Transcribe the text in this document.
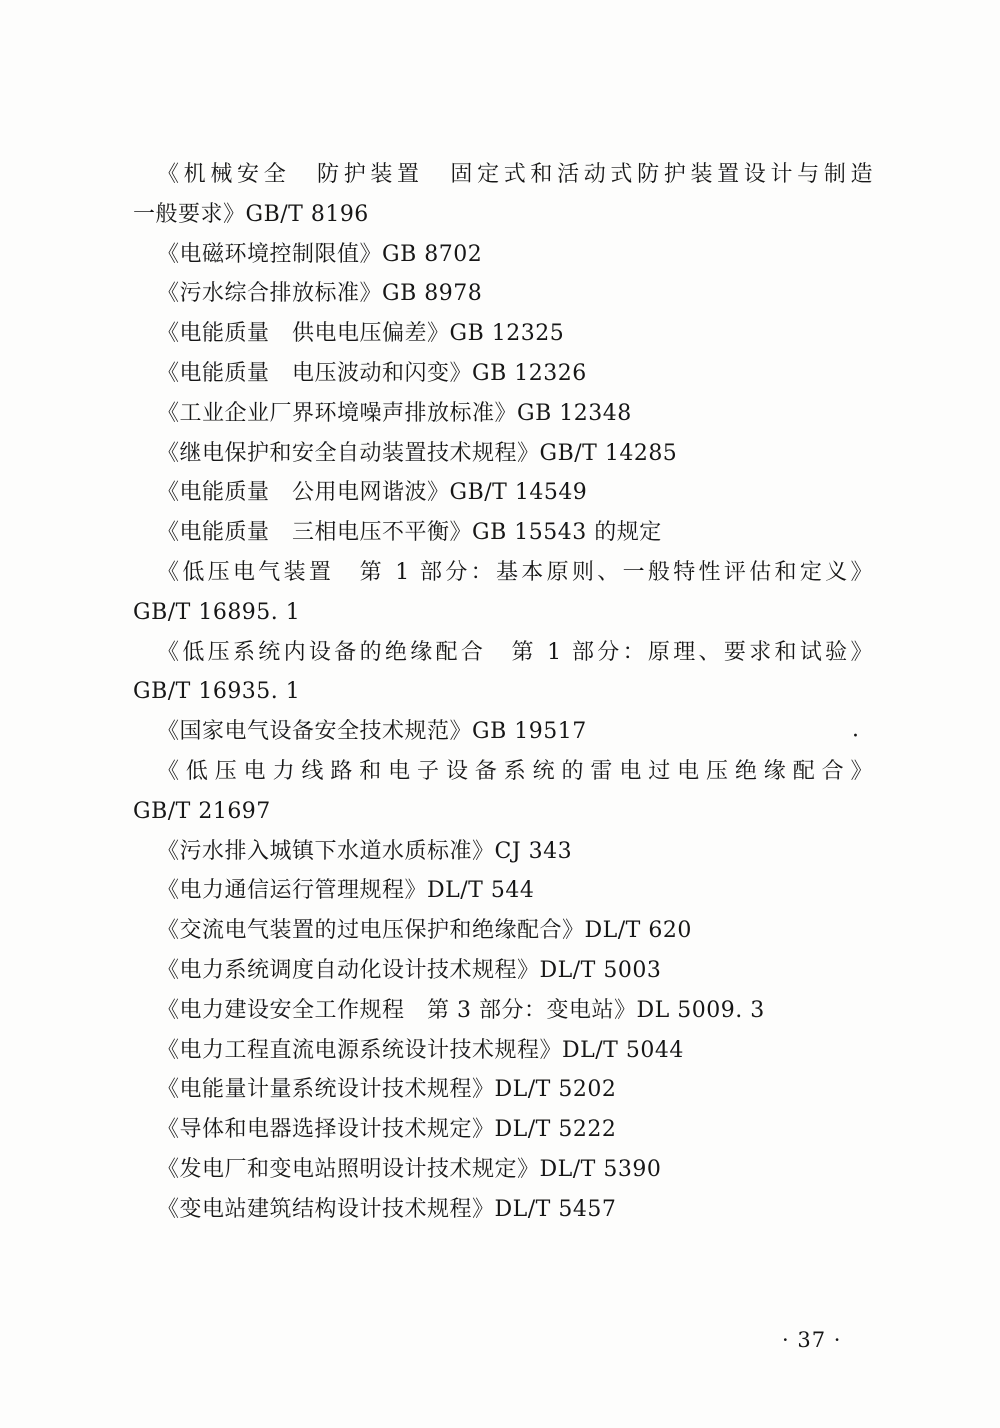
《机械安全　防护装置　固定式和活动式防护装置设计与制造
一般要求》GB/T 8196
《电磁环境控制限值》GB 8702
《污水综合排放标准》GB 8978
《电能质量　供电电压偏差》GB 12325
《电能质量　电压波动和闪变》GB 12326
《工业企业厂界环境噪声排放标准》GB 12348
《继电保护和安全自动装置技术规程》GB/T 14285
《电能质量　公用电网谐波》GB/T 14549
《电能质量　三相电压不平衡》GB 15543 的规定
《低压电气装置　第 1 部分：基本原则、一般特性评估和定义》
GB/T 16895. 1
《低压系统内设备的绝缘配合　第 1 部分：原理、要求和试验》
GB/T 16935. 1
《国家电气设备安全技术规范》GB 19517
《低压电力线路和电子设备系统的雷电过电压绝缘配合》
GB/T 21697
《污水排入城镇下水道水质标准》CJ 343
《电力通信运行管理规程》DL/T 544
《交流电气装置的过电压保护和绝缘配合》DL/T 620
《电力系统调度自动化设计技术规程》DL/T 5003
《电力建设安全工作规程　第 3 部分：变电站》DL 5009. 3
《电力工程直流电源系统设计技术规程》DL/T 5044
《电能量计量系统设计技术规程》DL/T 5202
《导体和电器选择设计技术规定》DL/T 5222
《发电厂和变电站照明设计技术规定》DL/T 5390
《变电站建筑结构设计技术规程》DL/T 5457
·
· 37 ·
